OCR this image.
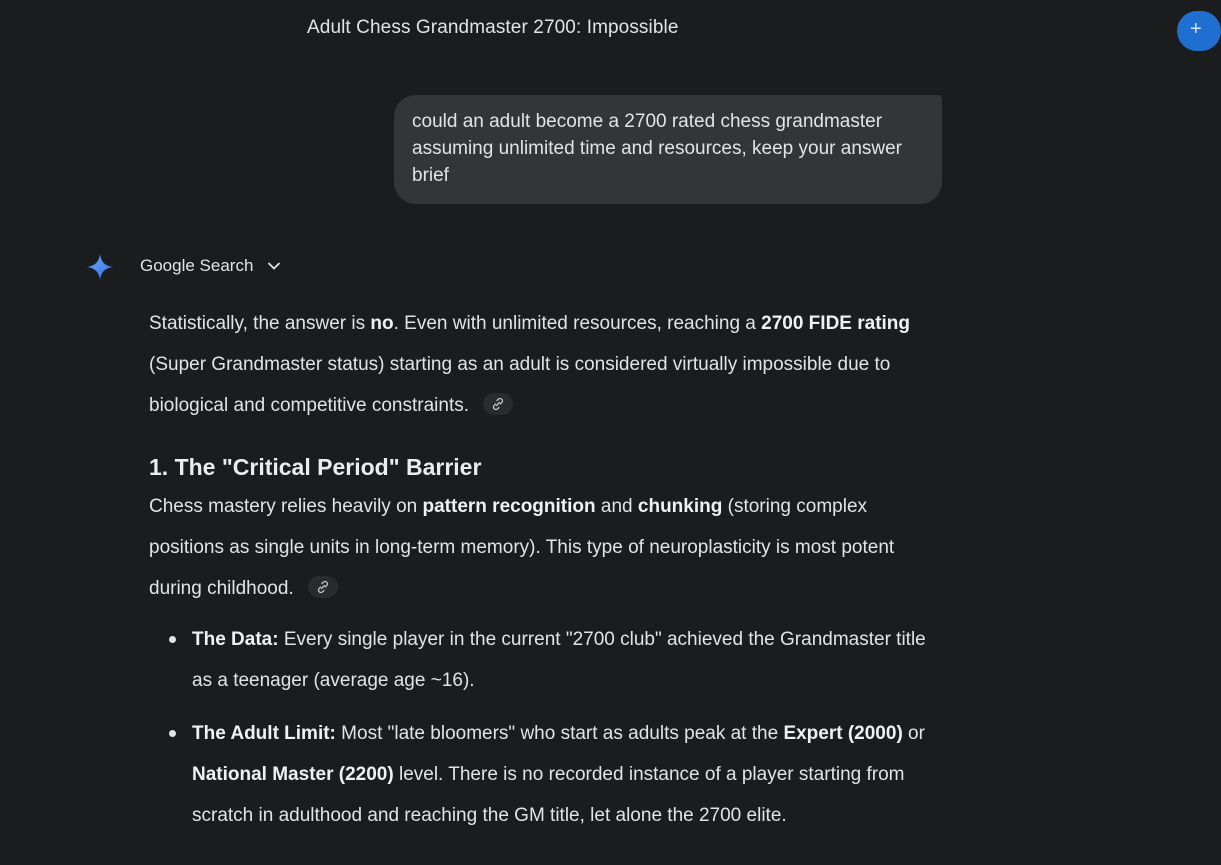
Adult Chess Grandmaster 2700: Impossible	+
could an adult become a 2700 rated chess grandmaster assuming unlimited time and resources, keep your answer brief
Google Search

Statistically, the answer is no. Even with unlimited resources, reaching a 2700 FIDE rating (Super Grandmaster status) starting as an adult is considered virtually impossible due to biological and competitive constraints.

1. The "Critical Period" Barrier

Chess mastery relies heavily on pattern recognition and chunking (storing complex positions as single units in long-term memory). This type of neuroplasticity is most potent during childhood.

The Data: Every single player in the current "2700 club" achieved the Grandmaster title as a teenager (average age ~16).
The Adult Limit: Most "late bloomers" who start as adults peak at the Expert (2000) or National Master (2200) level. There is no recorded instance of a player starting from scratch in adulthood and reaching the GM title, let alone the 2700 elite.
